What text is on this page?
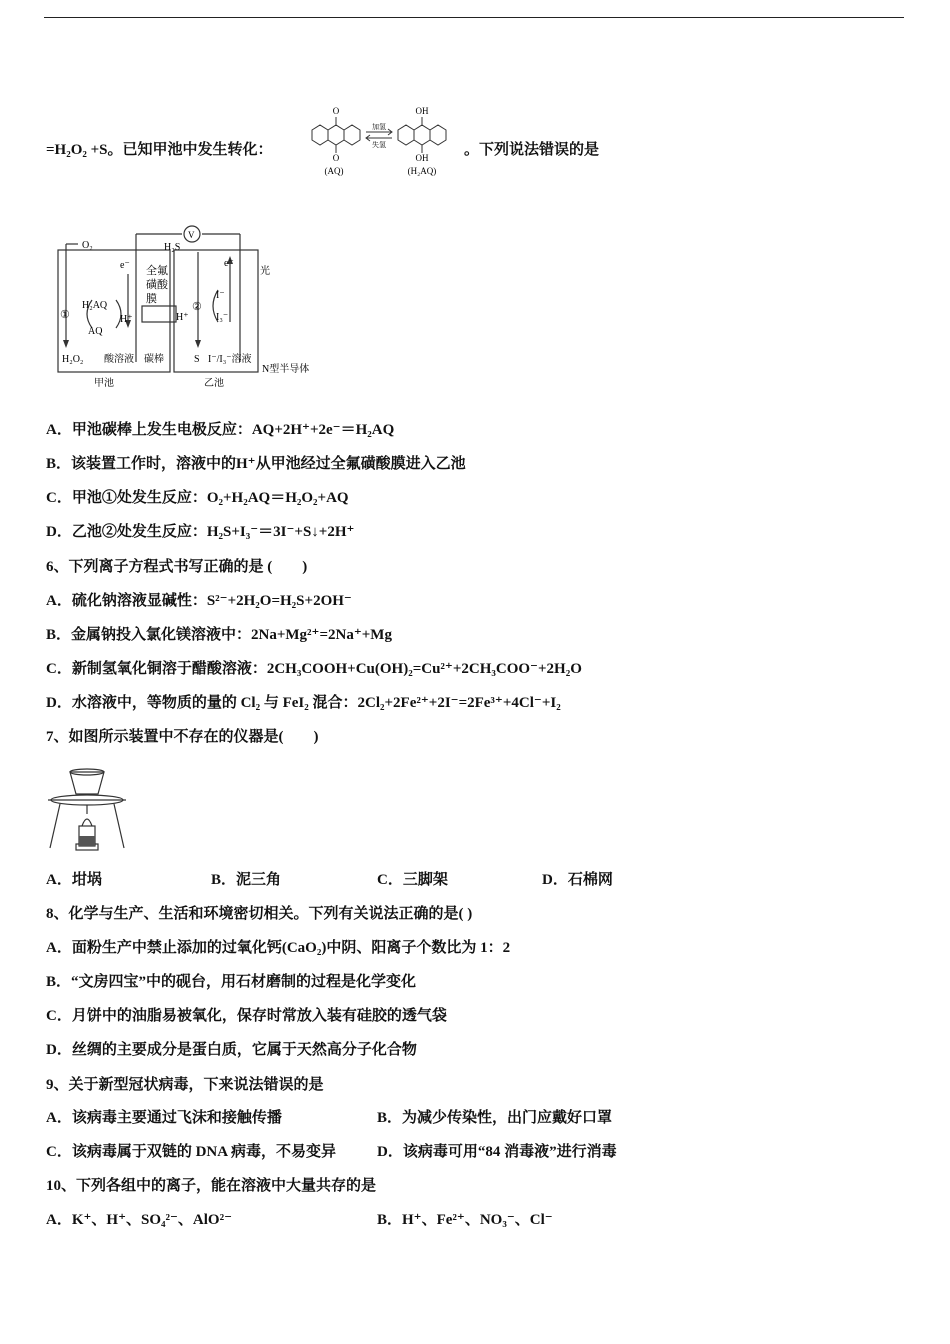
=H₂O₂ +S。已知甲池中发生转化：
O
O
加氢
失氢
OH
OH
(AQ)	(H₂AQ)
。下列说法错误的是
O₂
e⁻ 全氟
磺酸
膜
H₂AQ
AQ
H⁺
①
H₂O₂ 酸溶液 碳棒
甲池
V
H₂S
H⁺
②
I⁻
I₃⁻
S I⁻/I₃⁻溶液
乙池
e⁻
光
N型半导体
A．甲池碳棒上发生电极反应：AQ+2H⁺+2e⁻＝H₂AQ
B．该装置工作时，溶液中的H⁺从甲池经过全氟磺酸膜进入乙池
C．甲池①处发生反应：O₂+H₂AQ＝H₂O₂+AQ
D．乙池②处发生反应：H₂S+I₃⁻＝3I⁻+S↓+2H⁺
6、下列离子方程式书写正确的是 (　　)
A．硫化钠溶液显碱性：S²⁻+2H₂O=H₂S+2OH⁻
B．金属钠投入氯化镁溶液中：2Na+Mg²⁺=2Na⁺+Mg
C．新制氢氧化铜溶于醋酸溶液：2CH₃COOH+Cu(OH)₂=Cu²⁺+2CH₃COO⁻+2H₂O
D．水溶液中，等物质的量的 Cl₂ 与 FeI₂ 混合：2Cl₂+2Fe²⁺+2I⁻=2Fe³⁺+4Cl⁻+I₂
7、如图所示装置中不存在的仪器是(　　)
A．坩埚	B．泥三角	C．三脚架	D．石棉网
8、化学与生产、生活和环境密切相关。下列有关说法正确的是( )
A．面粉生产中禁止添加的过氧化钙(CaO₂)中阴、阳离子个数比为 1：2
B．“文房四宝”中的砚台，用石材磨制的过程是化学变化
C．月饼中的油脂易被氧化，保存时常放入装有硅胶的透气袋
D．丝绸的主要成分是蛋白质，它属于天然高分子化合物
9、关于新型冠状病毒，下来说法错误的是
A．该病毒主要通过飞沫和接触传播	B．为减少传染性，出门应戴好口罩
C．该病毒属于双链的 DNA 病毒，不易变异	D．该病毒可用“84 消毒液”进行消毒
10、下列各组中的离子，能在溶液中大量共存的是
A．K⁺、H⁺、SO₄²⁻、AlO²⁻	B．H⁺、Fe²⁺、NO₃⁻、Cl⁻
